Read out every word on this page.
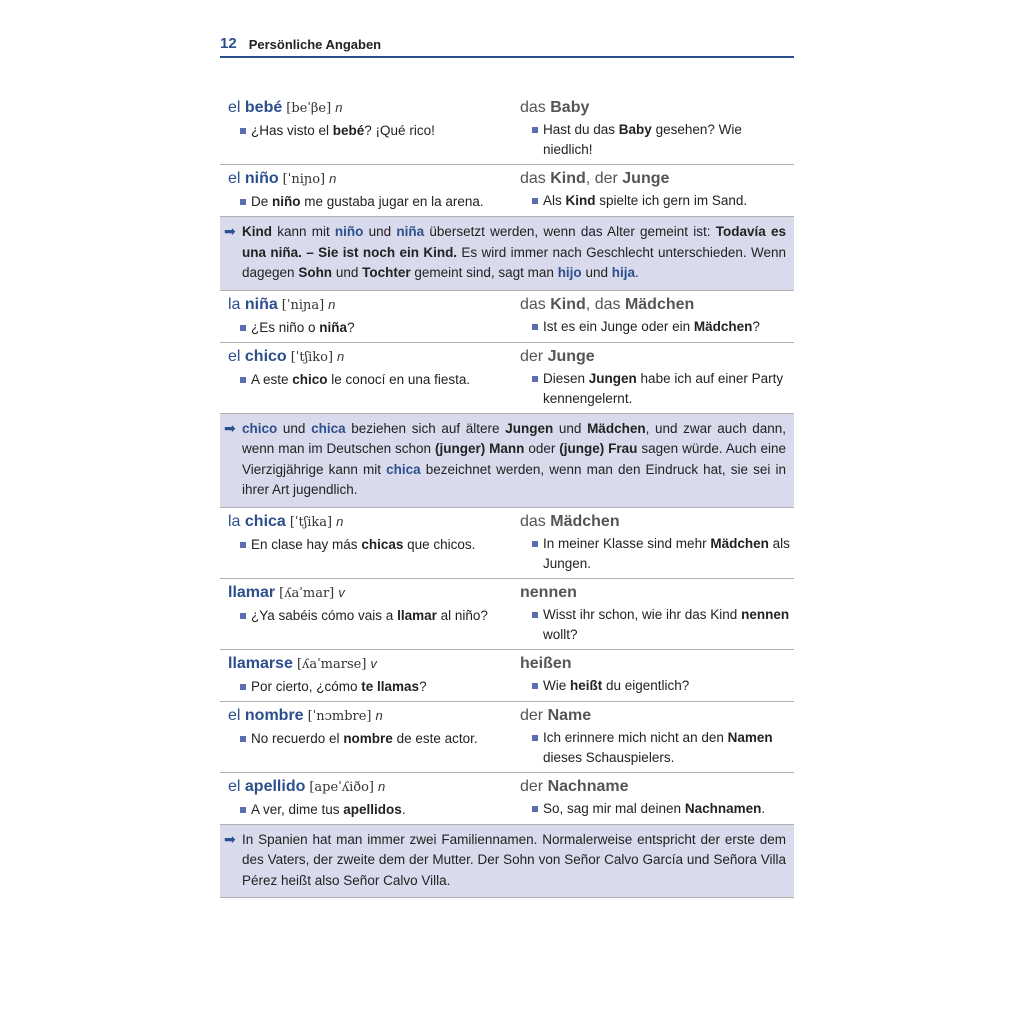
12 Persönliche Angaben
el bebé [beˈβe] n
¿Has visto el bebé? ¡Qué rico!
das Baby
Hast du das Baby gesehen? Wie niedlich!
el niño [ˈniɲo] n
De niño me gustaba jugar en la arena.
das Kind, der Junge
Als Kind spielte ich gern im Sand.
➡ Kind kann mit niño und niña übersetzt werden, wenn das Alter gemeint ist: Todavía es una niña. – Sie ist noch ein Kind. Es wird immer nach Geschlecht unterschieden. Wenn dagegen Sohn und Tochter gemeint sind, sagt man hijo und hija.
la niña [ˈniɲa] n
¿Es niño o niña?
das Kind, das Mädchen
Ist es ein Junge oder ein Mädchen?
el chico [ˈtʃiko] n
A este chico le conocí en una fiesta.
der Junge
Diesen Jungen habe ich auf einer Party kennengelernt.
➡ chico und chica beziehen sich auf ältere Jungen und Mädchen, und zwar auch dann, wenn man im Deutschen schon (junger) Mann oder (junge) Frau sagen würde. Auch eine Vierzigjährige kann mit chica bezeichnet werden, wenn man den Eindruck hat, sie sei in ihrer Art jugendlich.
la chica [ˈtʃika] n
En clase hay más chicas que chicos.
das Mädchen
In meiner Klasse sind mehr Mädchen als Jungen.
llamar [ʎaˈmar] v
¿Ya sabéis cómo vais a llamar al niño?
nennen
Wisst ihr schon, wie ihr das Kind nennen wollt?
llamarse [ʎaˈmarse] v
Por cierto, ¿cómo te llamas?
heißen
Wie heißt du eigentlich?
el nombre [ˈnɔmbre] n
No recuerdo el nombre de este actor.
der Name
Ich erinnere mich nicht an den Namen dieses Schauspielers.
el apellido [apeˈʎiðo] n
A ver, dime tus apellidos.
der Nachname
So, sag mir mal deinen Nachnamen.
➡ In Spanien hat man immer zwei Familiennamen. Normalerweise entspricht der erste dem des Vaters, der zweite dem der Mutter. Der Sohn von Señor Calvo García und Señora Villa Pérez heißt also Señor Calvo Villa.
